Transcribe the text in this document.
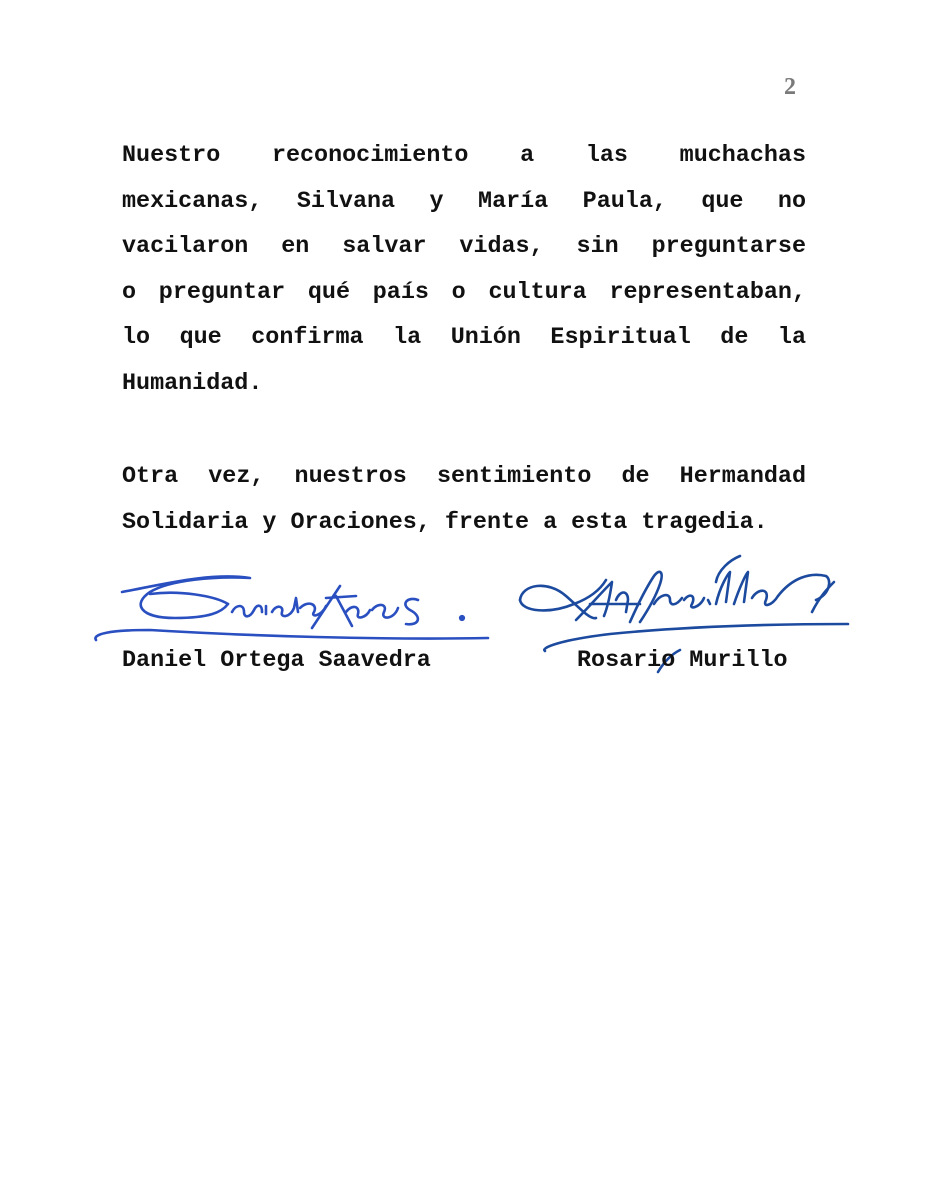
2
Nuestro reconocimiento a las muchachas
mexicanas, Silvana y María Paula, que no
vacilaron en salvar vidas, sin preguntarse
o preguntar qué país o cultura representaban,
lo que confirma la Unión Espiritual de la
Humanidad.
Otra vez, nuestros sentimiento de Hermandad
Solidaria y Oraciones, frente a esta tragedia.
Daniel Ortega Saavedra	Rosario Murillo
